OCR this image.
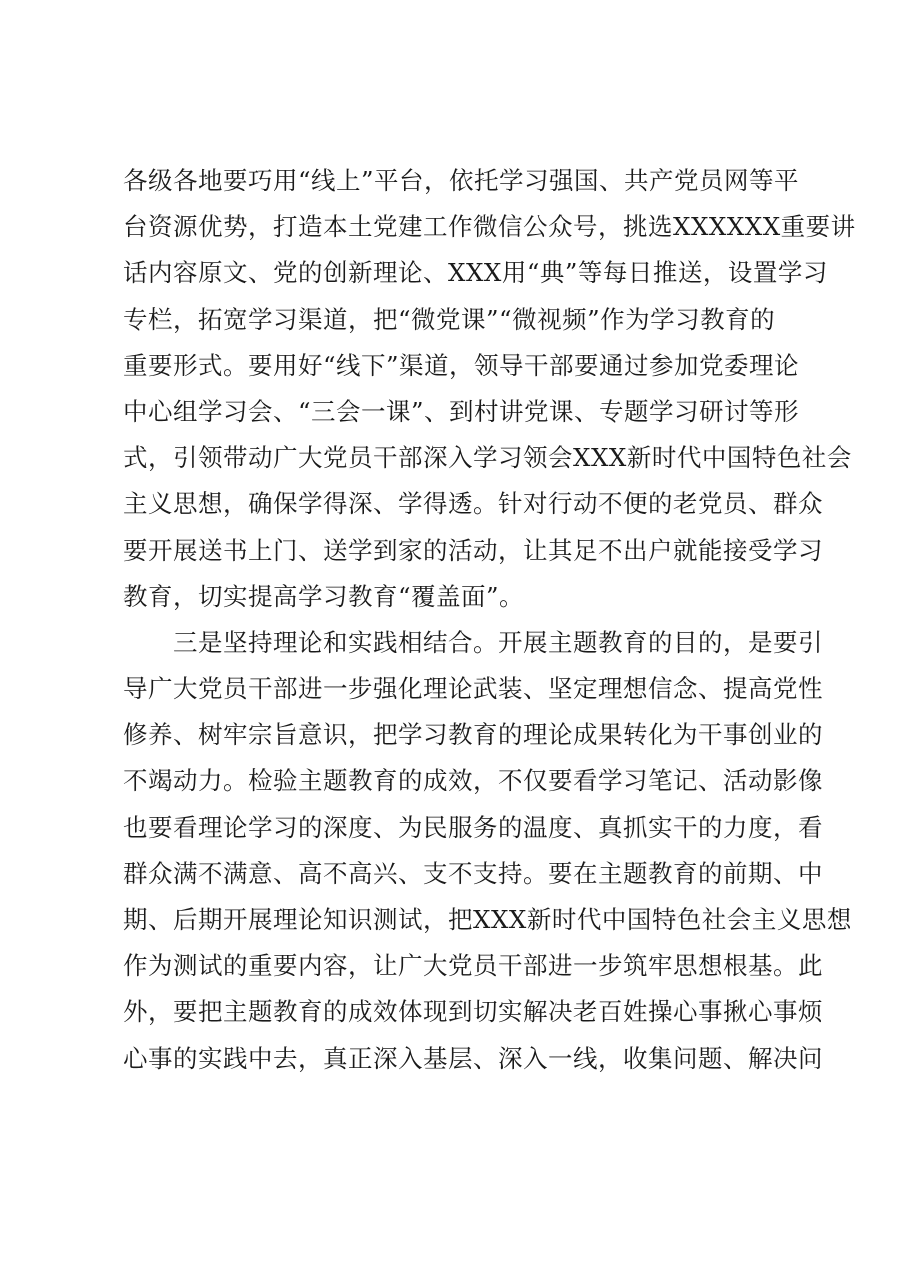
各级各地要巧用“线上”平台，依托学习强国、共产党员网等平
台资源优势，打造本土党建工作微信公众号，挑选XXXXXX重要讲
话内容原文、党的创新理论、XXX用“典”等每日推送，设置学习
专栏，拓宽学习渠道，把“微党课”“微视频”作为学习教育的
重要形式。要用好“线下”渠道，领导干部要通过参加党委理论
中心组学习会、“三会一课”、到村讲党课、专题学习研讨等形
式，引领带动广大党员干部深入学习领会XXX新时代中国特色社会
主义思想，确保学得深、学得透。针对行动不便的老党员、群众
要开展送书上门、送学到家的活动，让其足不出户就能接受学习
教育，切实提高学习教育“覆盖面”。
三是坚持理论和实践相结合。开展主题教育的目的，是要引
导广大党员干部进一步强化理论武装、坚定理想信念、提高党性
修养、树牢宗旨意识，把学习教育的理论成果转化为干事创业的
不竭动力。检验主题教育的成效，不仅要看学习笔记、活动影像
也要看理论学习的深度、为民服务的温度、真抓实干的力度，看
群众满不满意、高不高兴、支不支持。要在主题教育的前期、中
期、后期开展理论知识测试，把XXX新时代中国特色社会主义思想
作为测试的重要内容，让广大党员干部进一步筑牢思想根基。此
外，要把主题教育的成效体现到切实解决老百姓操心事揪心事烦
心事的实践中去，真正深入基层、深入一线，收集问题、解决问
